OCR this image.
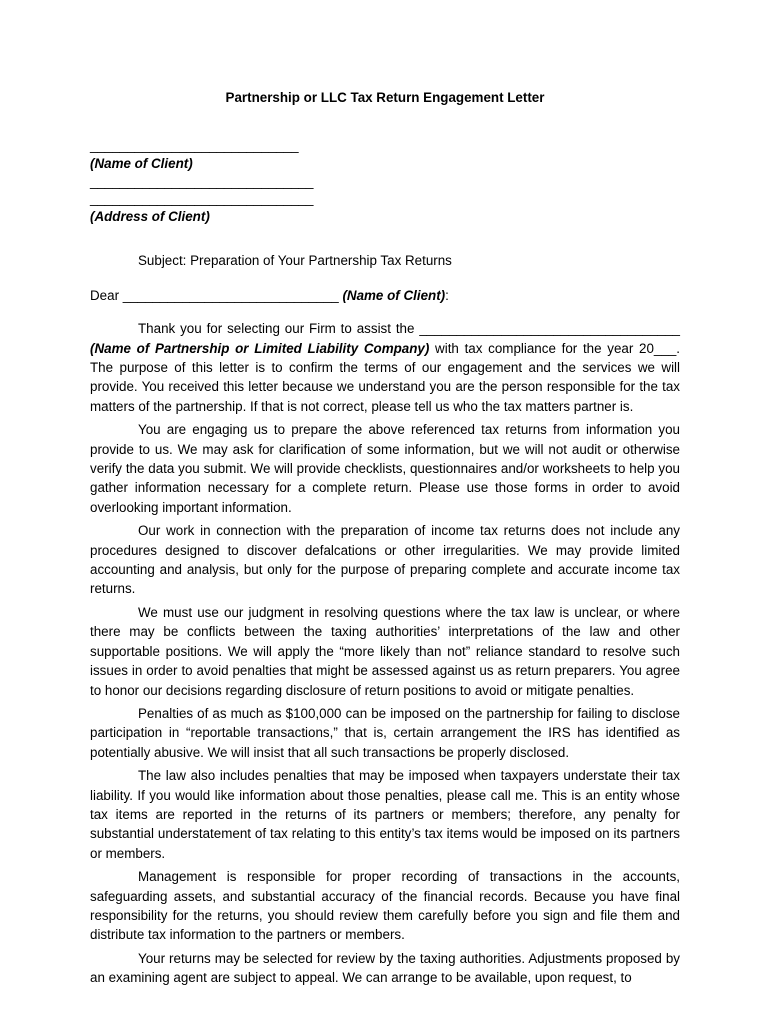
Partnership or LLC Tax Return Engagement Letter
____________________________
(Name of Client)
______________________________
______________________________
(Address of Client)
Subject: Preparation of Your Partnership Tax Returns
Dear _____________________________ (Name of Client):

Thank you for selecting our Firm to assist the ___________________________________ (Name of Partnership or Limited Liability Company) with tax compliance for the year 20___. The purpose of this letter is to confirm the terms of our engagement and the services we will provide. You received this letter because we understand you are the person responsible for the tax matters of the partnership. If that is not correct, please tell us who the tax matters partner is.

You are engaging us to prepare the above referenced tax returns from information you provide to us. We may ask for clarification of some information, but we will not audit or otherwise verify the data you submit. We will provide checklists, questionnaires and/or worksheets to help you gather information necessary for a complete return. Please use those forms in order to avoid overlooking important information.

Our work in connection with the preparation of income tax returns does not include any procedures designed to discover defalcations or other irregularities. We may provide limited accounting and analysis, but only for the purpose of preparing complete and accurate income tax returns.

We must use our judgment in resolving questions where the tax law is unclear, or where there may be conflicts between the taxing authorities’ interpretations of the law and other supportable positions. We will apply the “more likely than not” reliance standard to resolve such issues in order to avoid penalties that might be assessed against us as return preparers. You agree to honor our decisions regarding disclosure of return positions to avoid or mitigate penalties.

Penalties of as much as $100,000 can be imposed on the partnership for failing to disclose participation in “reportable transactions,” that is, certain arrangement the IRS has identified as potentially abusive. We will insist that all such transactions be properly disclosed.

The law also includes penalties that may be imposed when taxpayers understate their tax liability. If you would like information about those penalties, please call me. This is an entity whose tax items are reported in the returns of its partners or members; therefore, any penalty for substantial understatement of tax relating to this entity’s tax items would be imposed on its partners or members.

Management is responsible for proper recording of transactions in the accounts, safeguarding assets, and substantial accuracy of the financial records. Because you have final responsibility for the returns, you should review them carefully before you sign and file them and distribute tax information to the partners or members.

Your returns may be selected for review by the taxing authorities. Adjustments proposed by an examining agent are subject to appeal. We can arrange to be available, upon request, to
